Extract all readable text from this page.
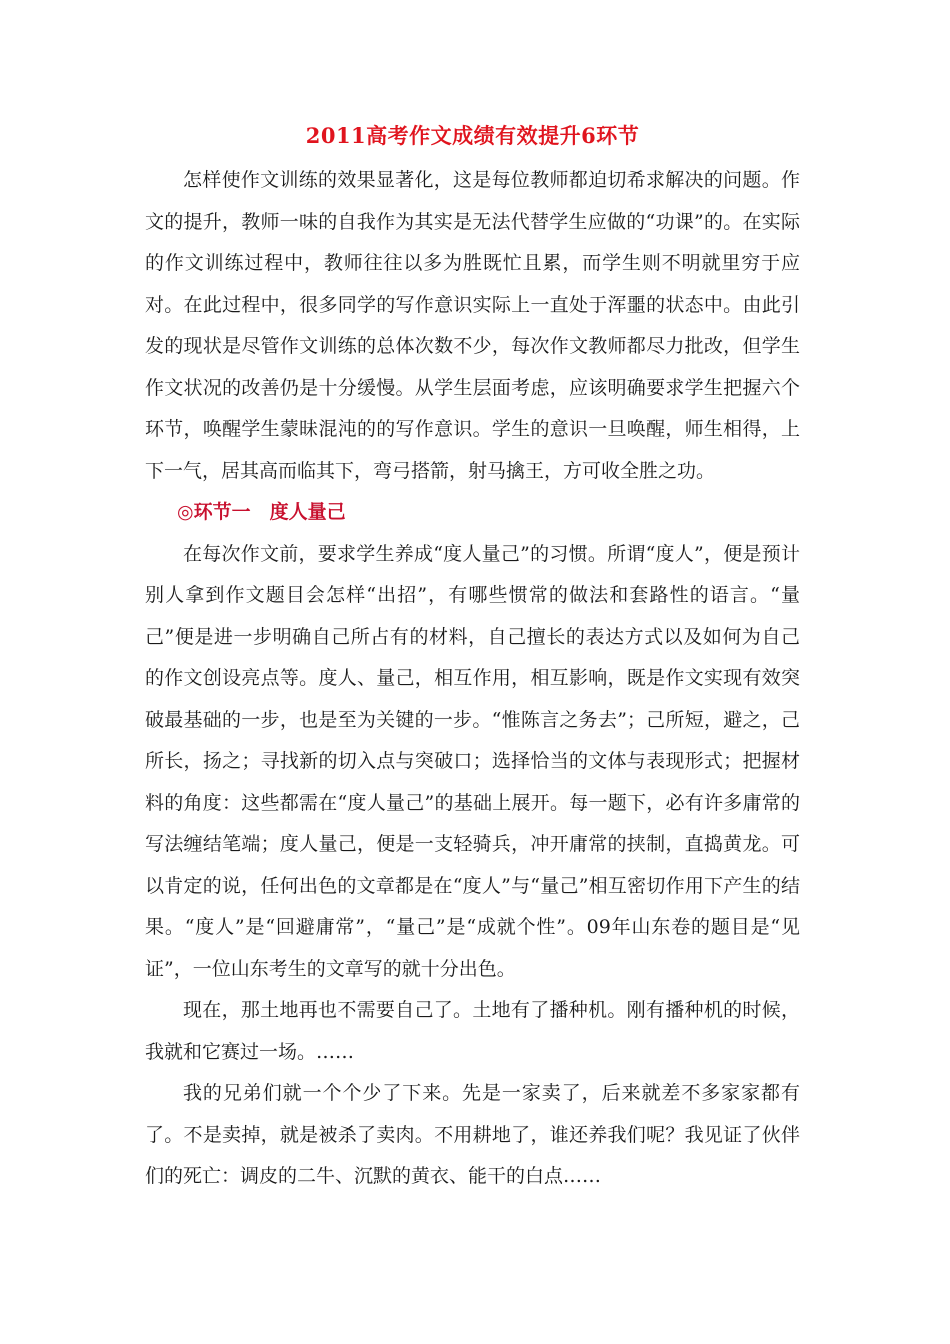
2011高考作文成绩有效提升6环节

怎样使作文训练的效果显著化，这是每位教师都迫切希求解决的问题。作文的提升，教师一味的自我作为其实是无法代替学生应做的“功课”的。在实际的作文训练过程中，教师往往以多为胜既忙且累，而学生则不明就里穷于应对。在此过程中，很多同学的写作意识实际上一直处于浑噩的状态中。由此引发的现状是尽管作文训练的总体次数不少，每次作文教师都尽力批改，但学生作文状况的改善仍是十分缓慢。从学生层面考虑，应该明确要求学生把握六个环节，唤醒学生蒙昧混沌的的写作意识。学生的意识一旦唤醒，师生相得，上下一气，居其高而临其下，弯弓搭箭，射马擒王，方可收全胜之功。

◎环节一　度人量己

在每次作文前，要求学生养成“度人量己”的习惯。所谓“度人”，便是预计别人拿到作文题目会怎样“出招”，有哪些惯常的做法和套路性的语言。“量己”便是进一步明确自己所占有的材料，自己擅长的表达方式以及如何为自己的作文创设亮点等。度人、量己，相互作用，相互影响，既是作文实现有效突破最基础的一步，也是至为关键的一步。“惟陈言之务去”；己所短，避之，己所长，扬之；寻找新的切入点与突破口；选择恰当的文体与表现形式；把握材料的角度：这些都需在“度人量己”的基础上展开。每一题下，必有许多庸常的写法缠结笔端；度人量己，便是一支轻骑兵，冲开庸常的挟制，直捣黄龙。可以肯定的说，任何出色的文章都是在“度人”与“量己”相互密切作用下产生的结果。“度人”是“回避庸常”，“量己”是“成就个性”。09年山东卷的题目是“见证”，一位山东考生的文章写的就十分出色。

现在，那土地再也不需要自己了。土地有了播种机。刚有播种机的时候，我就和它赛过一场。……

我的兄弟们就一个个少了下来。先是一家卖了，后来就差不多家家都有了。不是卖掉，就是被杀了卖肉。不用耕地了，谁还养我们呢？我见证了伙伴们的死亡：调皮的二牛、沉默的黄衣、能干的白点……
